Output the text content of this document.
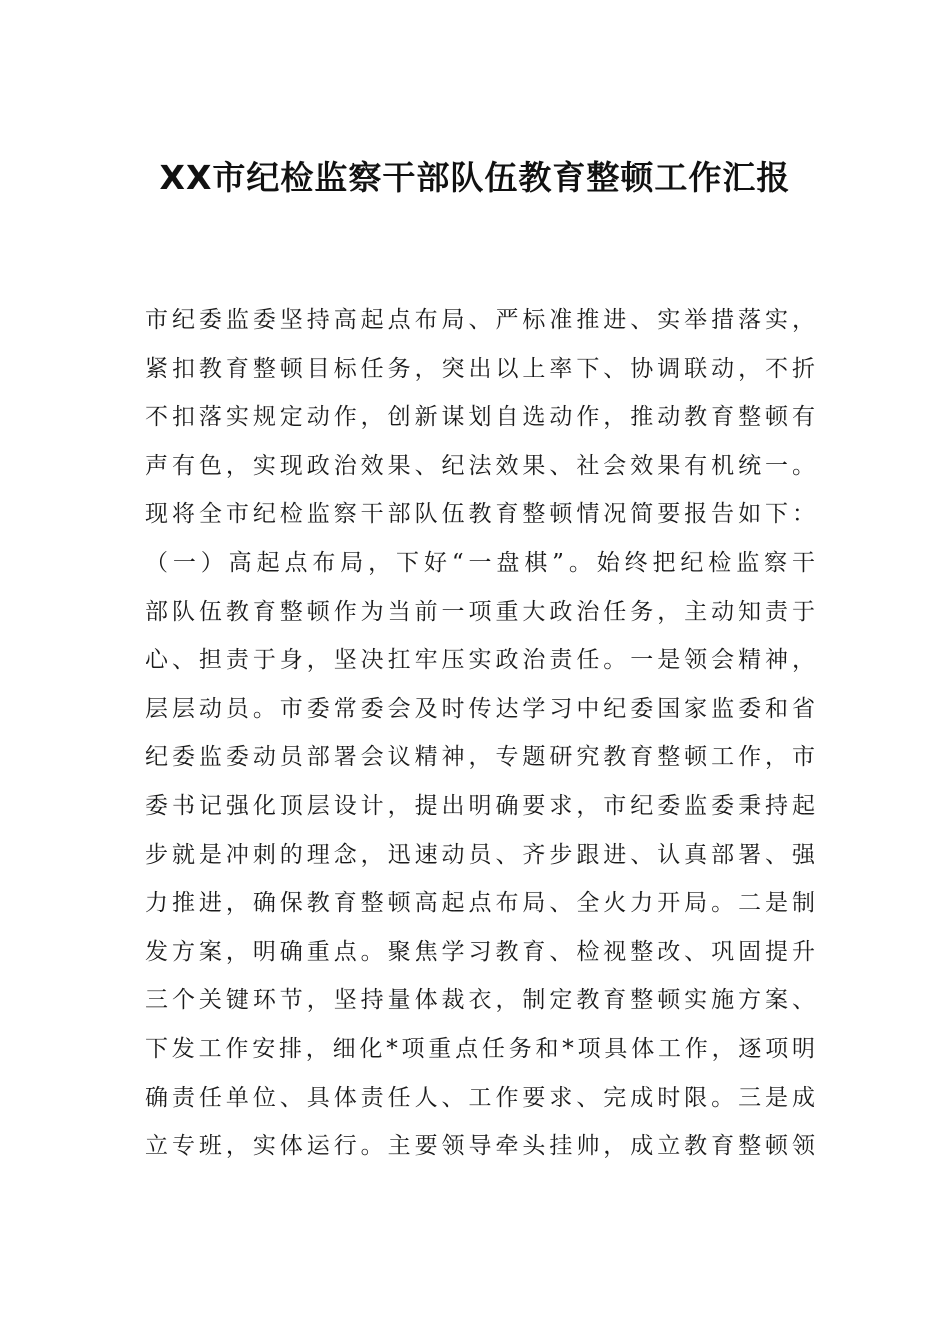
XX市纪检监察干部队伍教育整顿工作汇报
市纪委监委坚持高起点布局、严标准推进、实举措落实，
紧扣教育整顿目标任务，突出以上率下、协调联动，不折
不扣落实规定动作，创新谋划自选动作，推动教育整顿有
声有色，实现政治效果、纪法效果、社会效果有机统一。
现将全市纪检监察干部队伍教育整顿情况简要报告如下：
（一）高起点布局，下好“一盘棋”。始终把纪检监察干
部队伍教育整顿作为当前一项重大政治任务，主动知责于
心、担责于身，坚决扛牢压实政治责任。一是领会精神，
层层动员。市委常委会及时传达学习中纪委国家监委和省
纪委监委动员部署会议精神，专题研究教育整顿工作，市
委书记强化顶层设计，提出明确要求，市纪委监委秉持起
步就是冲刺的理念，迅速动员、齐步跟进、认真部署、强
力推进，确保教育整顿高起点布局、全火力开局。二是制
发方案，明确重点。聚焦学习教育、检视整改、巩固提升
三个关键环节，坚持量体裁衣，制定教育整顿实施方案、
下发工作安排，细化*项重点任务和*项具体工作，逐项明
确责任单位、具体责任人、工作要求、完成时限。三是成
立专班，实体运行。主要领导牵头挂帅，成立教育整顿领
